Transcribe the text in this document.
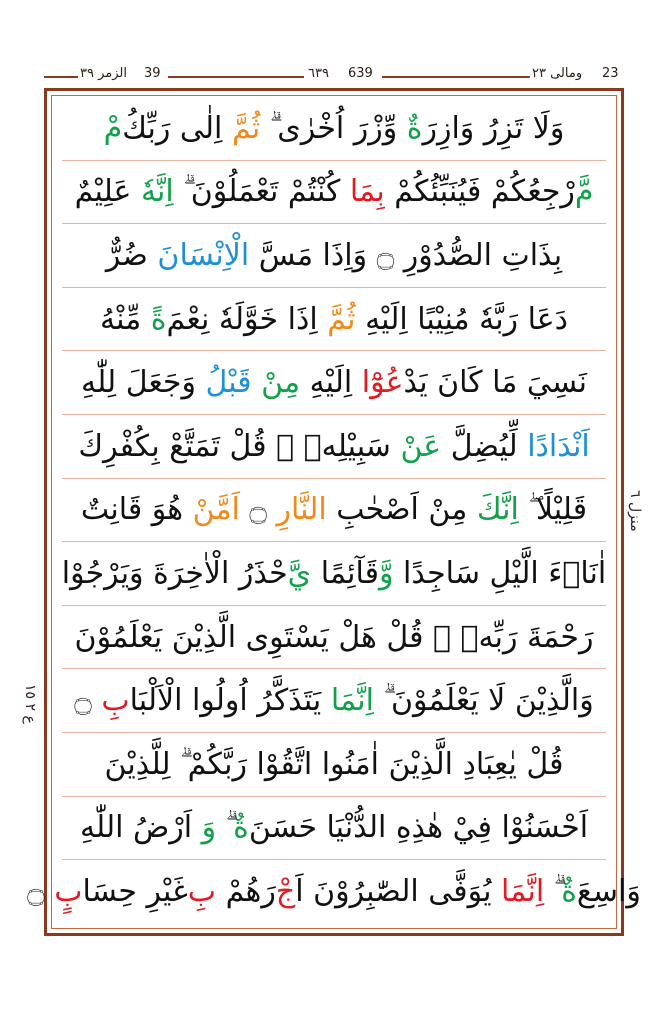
الزمر ٣٩ 39	٦٣٩ 639	ومالى ٢٣ 23
وَلَا تَزِرُ وَازِرَ
ةٌ
وِّزْرَ اُخْرٰى ۗ
ثُمَّ
اِلٰى رَبِّكُ
مْ
مَّ
رْجِعُكُمْ فَيُنَبِّئُكُمْ
بِمَا
كُنْتُمْ تَعْمَلُوْنَ ۗ
اِنَّهٗ
عَلِيْمٌ
بِذَاتِ الصُّدُوْرِ ۝ وَاِذَا مَسَّ
الْاِنْسَانَ
ضُرٌّ
دَعَا رَبَّهٗ مُنِيْبًا اِلَيْهِ
ثُمَّ
اِذَا خَوَّلَهٗ نِعْمَ
ةً
مِّنْهُ
نَسِيَ مَا كَانَ يَدْ
عُوْٓا
اِلَيْهِ
مِنْ
قَبْلُ
وَجَعَلَ لِلّٰهِ
اَنْدَادًا
لِّيُضِلَّ
عَنْ
سَبِيْلِهٖ ۗ قُلْ تَمَتَّعْ بِكُفْرِكَ
قَلِيْلًا ۖ
اِنَّكَ
مِنْ اَصْحٰبِ
النَّارِ
۝
اَمَّنْ
هُوَ قَانِتٌ
اٰنَاۤءَ الَّيْلِ سَاجِدًا
وَّ
قَآئِمًا
يَّ
حْذَرُ الْاٰخِرَةَ وَيَرْجُوْا
رَحْمَةَ رَبِّهٖ ۗ قُلْ هَلْ يَسْتَوِى الَّذِيْنَ يَعْلَمُوْنَ
وَالَّذِيْنَ لَا يَعْلَمُوْنَ ۗ
اِنَّمَا
يَتَذَكَّرُ اُولُوا الْاَلْبَا
بِ
۝
قُلْ يٰعِبَادِ الَّذِيْنَ اٰمَنُوا اتَّقُوْا رَبَّكُمْ ۗ لِلَّذِيْنَ
اَحْسَنُوْا فِيْ هٰذِهِ الدُّنْيَا حَسَنَ
ةٌ
ۗ
وَ
اَرْضُ اللّٰهِ
وَاسِعَ
ةٌ
ۗ
اِنَّمَا
يُوَفَّى الصّٰبِرُوْنَ اَ
جْ
رَهُمْ
بِ
غَيْرِ حِسَا
بٍ
۝
منزل ٦
ع ٢ ١٥
